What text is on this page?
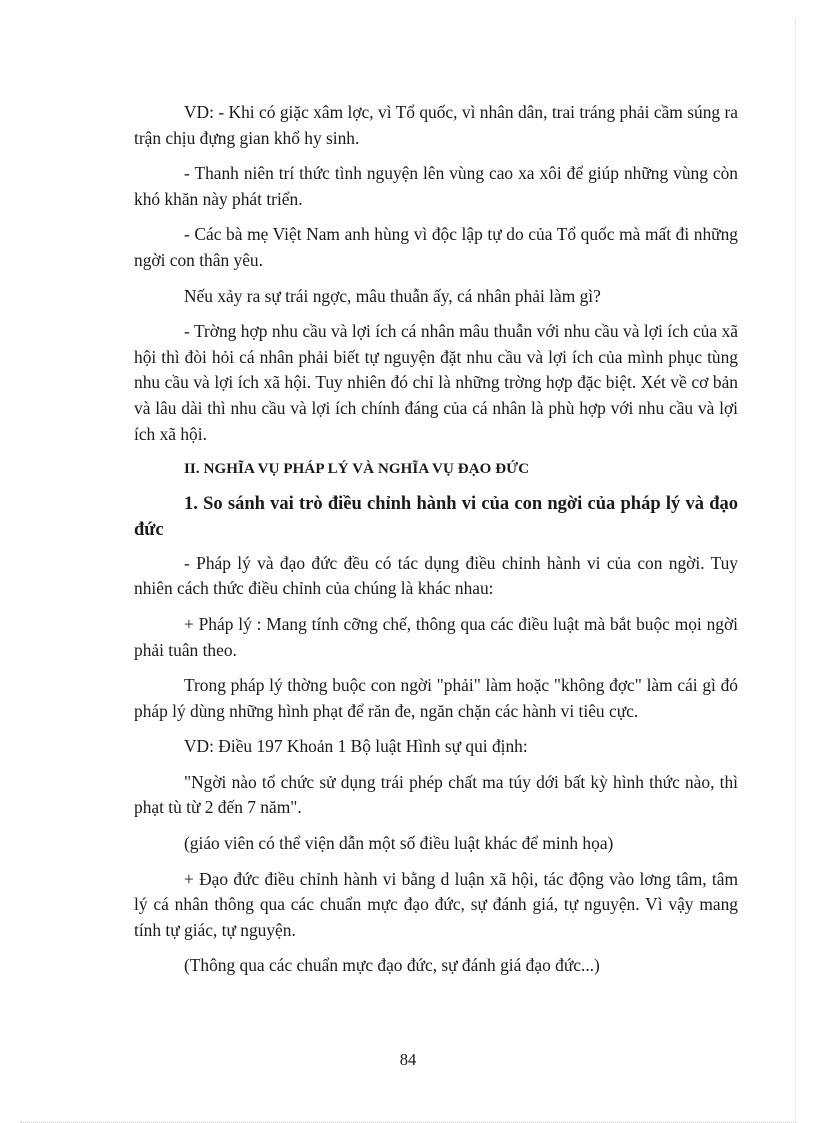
VD: - Khi có giặc xâm lợc, vì Tổ quốc, vì nhân dân, trai tráng phải cầm súng ra trận chịu đựng gian khổ hy sinh.

- Thanh niên trí thức tình nguyện lên vùng cao xa xôi để giúp những vùng còn khó khăn này phát triển.

- Các bà mẹ Việt Nam anh hùng vì độc lập tự do của Tổ quốc mà mất đi những ngời con thân yêu.

Nếu xảy ra sự trái ngợc, mâu thuẫn ấy, cá nhân phải làm gì?

- Trờng hợp nhu cầu và lợi ích cá nhân mâu thuẫn với nhu cầu và lợi ích của xã hội thì đòi hỏi cá nhân phải biết tự nguyện đặt nhu cầu và lợi ích của mình phục tùng nhu cầu và lợi ích xã hội. Tuy nhiên đó chỉ là những trờng hợp đặc biệt. Xét về cơ bản và lâu dài thì nhu cầu và lợi ích chính đáng của cá nhân là phù hợp với nhu cầu và lợi ích xã hội.

II. NGHĨA VỤ PHÁP LÝ VÀ NGHĨA VỤ ĐẠO ĐỨC

1. So sánh vai trò điều chỉnh hành vi của con ngời của pháp lý và đạo đức

- Pháp lý và đạo đức đều có tác dụng điều chỉnh hành vi của con ngời. Tuy nhiên cách thức điều chỉnh của chúng là khác nhau:

+ Pháp lý : Mang tính cỡng chế, thông qua các điều luật mà bắt buộc mọi ngời phải tuân theo.

Trong pháp lý thờng buộc con ngời "phải" làm hoặc "không đợc" làm cái gì đó pháp lý dùng những hình phạt để răn đe, ngăn chặn các hành vi tiêu cực.

VD: Điều 197 Khoản 1 Bộ luật Hình sự qui định:

"Ngời nào tổ chức sử dụng trái phép chất ma túy dới bất kỳ hình thức nào, thì phạt tù từ 2 đến 7 năm".

(giáo viên có thể viện dẫn một số điều luật khác để minh họa)

+ Đạo đức điều chỉnh hành vi bằng d luận xã hội, tác động vào lơng tâm, tâm lý cá nhân thông qua các chuẩn mực đạo đức, sự đánh giá, tự nguyện. Vì vậy mang tính tự giác, tự nguyện.

(Thông qua các chuẩn mực đạo đức, sự đánh giá đạo đức...)

84
